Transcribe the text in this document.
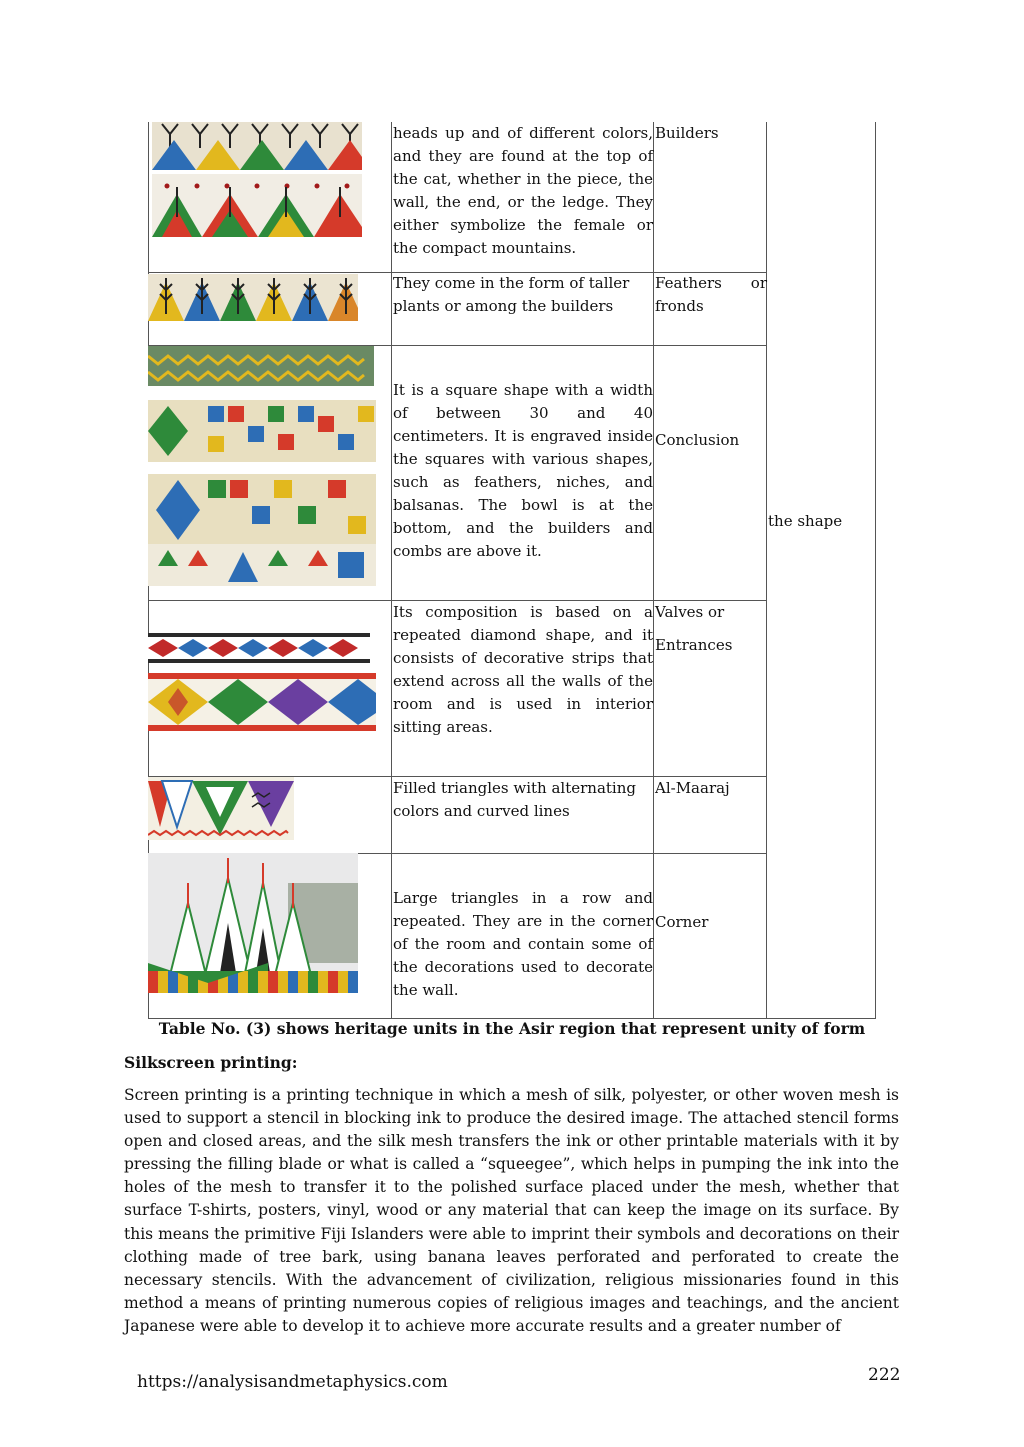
heads up and of different colors, and they are found at the top of the cat, whether in the piece, the wall, the end, or the ledge. They either symbolize the female or the compact mountains.
Builders
They come in the form of taller plants or among the builders
Feathers or fronds
It is a square shape with a width of between 30 and 40 centimeters. It is engraved inside the squares with various shapes, such as feathers, niches, and balsanas. The bowl is at the bottom, and the builders and combs are above it.
Conclusion
Its composition is based on a repeated diamond shape, and it consists of decorative strips that extend across all the walls of the room and is used in interior sitting areas.
Valves or
Entrances
Filled triangles with alternating colors and curved lines
Al-Maaraj
Large triangles in a row and repeated. They are in the corner of the room and contain some of the decorations used to decorate the wall.
Corner
the shape
Table No. (3) shows heritage units in the Asir region that represent unity of form
Silkscreen printing:
Screen printing is a printing technique in which a mesh of silk, polyester, or other woven mesh is used to support a stencil in blocking ink to produce the desired image. The attached stencil forms open and closed areas, and the silk mesh transfers the ink or other printable materials with it by pressing the filling blade or what is called a “squeegee”, which helps in pumping the ink into the holes of the mesh to transfer it to the polished surface placed under the mesh, whether that surface T-shirts, posters, vinyl, wood or any material that can keep the image on its surface. By this means the primitive Fiji Islanders were able to imprint their symbols and decorations on their clothing made of tree bark, using banana leaves perforated and perforated to create the necessary stencils. With the advancement of civilization, religious missionaries found in this method a means of printing numerous copies of religious images and teachings, and the ancient Japanese were able to develop it to achieve more accurate results and a greater number of
https://analysisandmetaphysics.com	222
